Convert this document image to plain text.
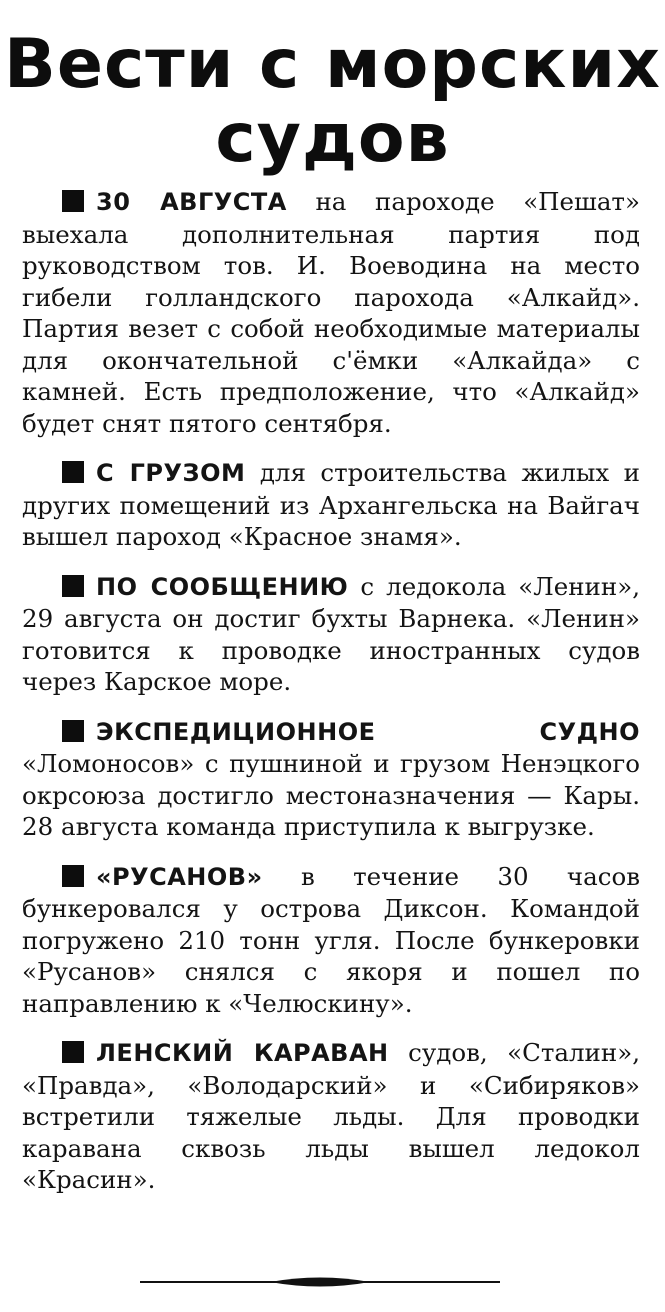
Вести с морских
судов

30 АВГУСТА на пароходе «Пешат» выехала дополнительная партия под руководством тов. И. Воеводина на место гибели голландского парохода «Алкайд». Партия везет с собой необходимые материалы для окончательной с'ёмки «Алкайда» с камней. Есть предположение, что «Алкайд» будет снят пятого сентября.

С ГРУЗОМ для строительства жилых и других помещений из Архангельска на Вайгач вышел пароход «Красное знамя».

ПО СООБЩЕНИЮ с ледокола «Ленин», 29 августа он достиг бухты Варнека. «Ленин» готовится к проводке иностранных судов через Карское море.

ЭКСПЕДИЦИОННОЕ СУДНО «Ломоносов» с пушниной и грузом Ненэцкого окрсоюза достигло местоназначения — Кары. 28 августа команда приступила к выгрузке.

«РУСАНОВ» в течение 30 часов бункеровался у острова Диксон. Командой погружено 210 тонн угля. После бункеровки «Русанов» снялся с якоря и пошел по направлению к «Челюскину».

ЛЕНСКИЙ КАРАВАН судов, «Сталин», «Правда», «Володарский» и «Сибиряков» встретили тяжелые льды. Для проводки каравана сквозь льды вышел ледокол «Красин».
